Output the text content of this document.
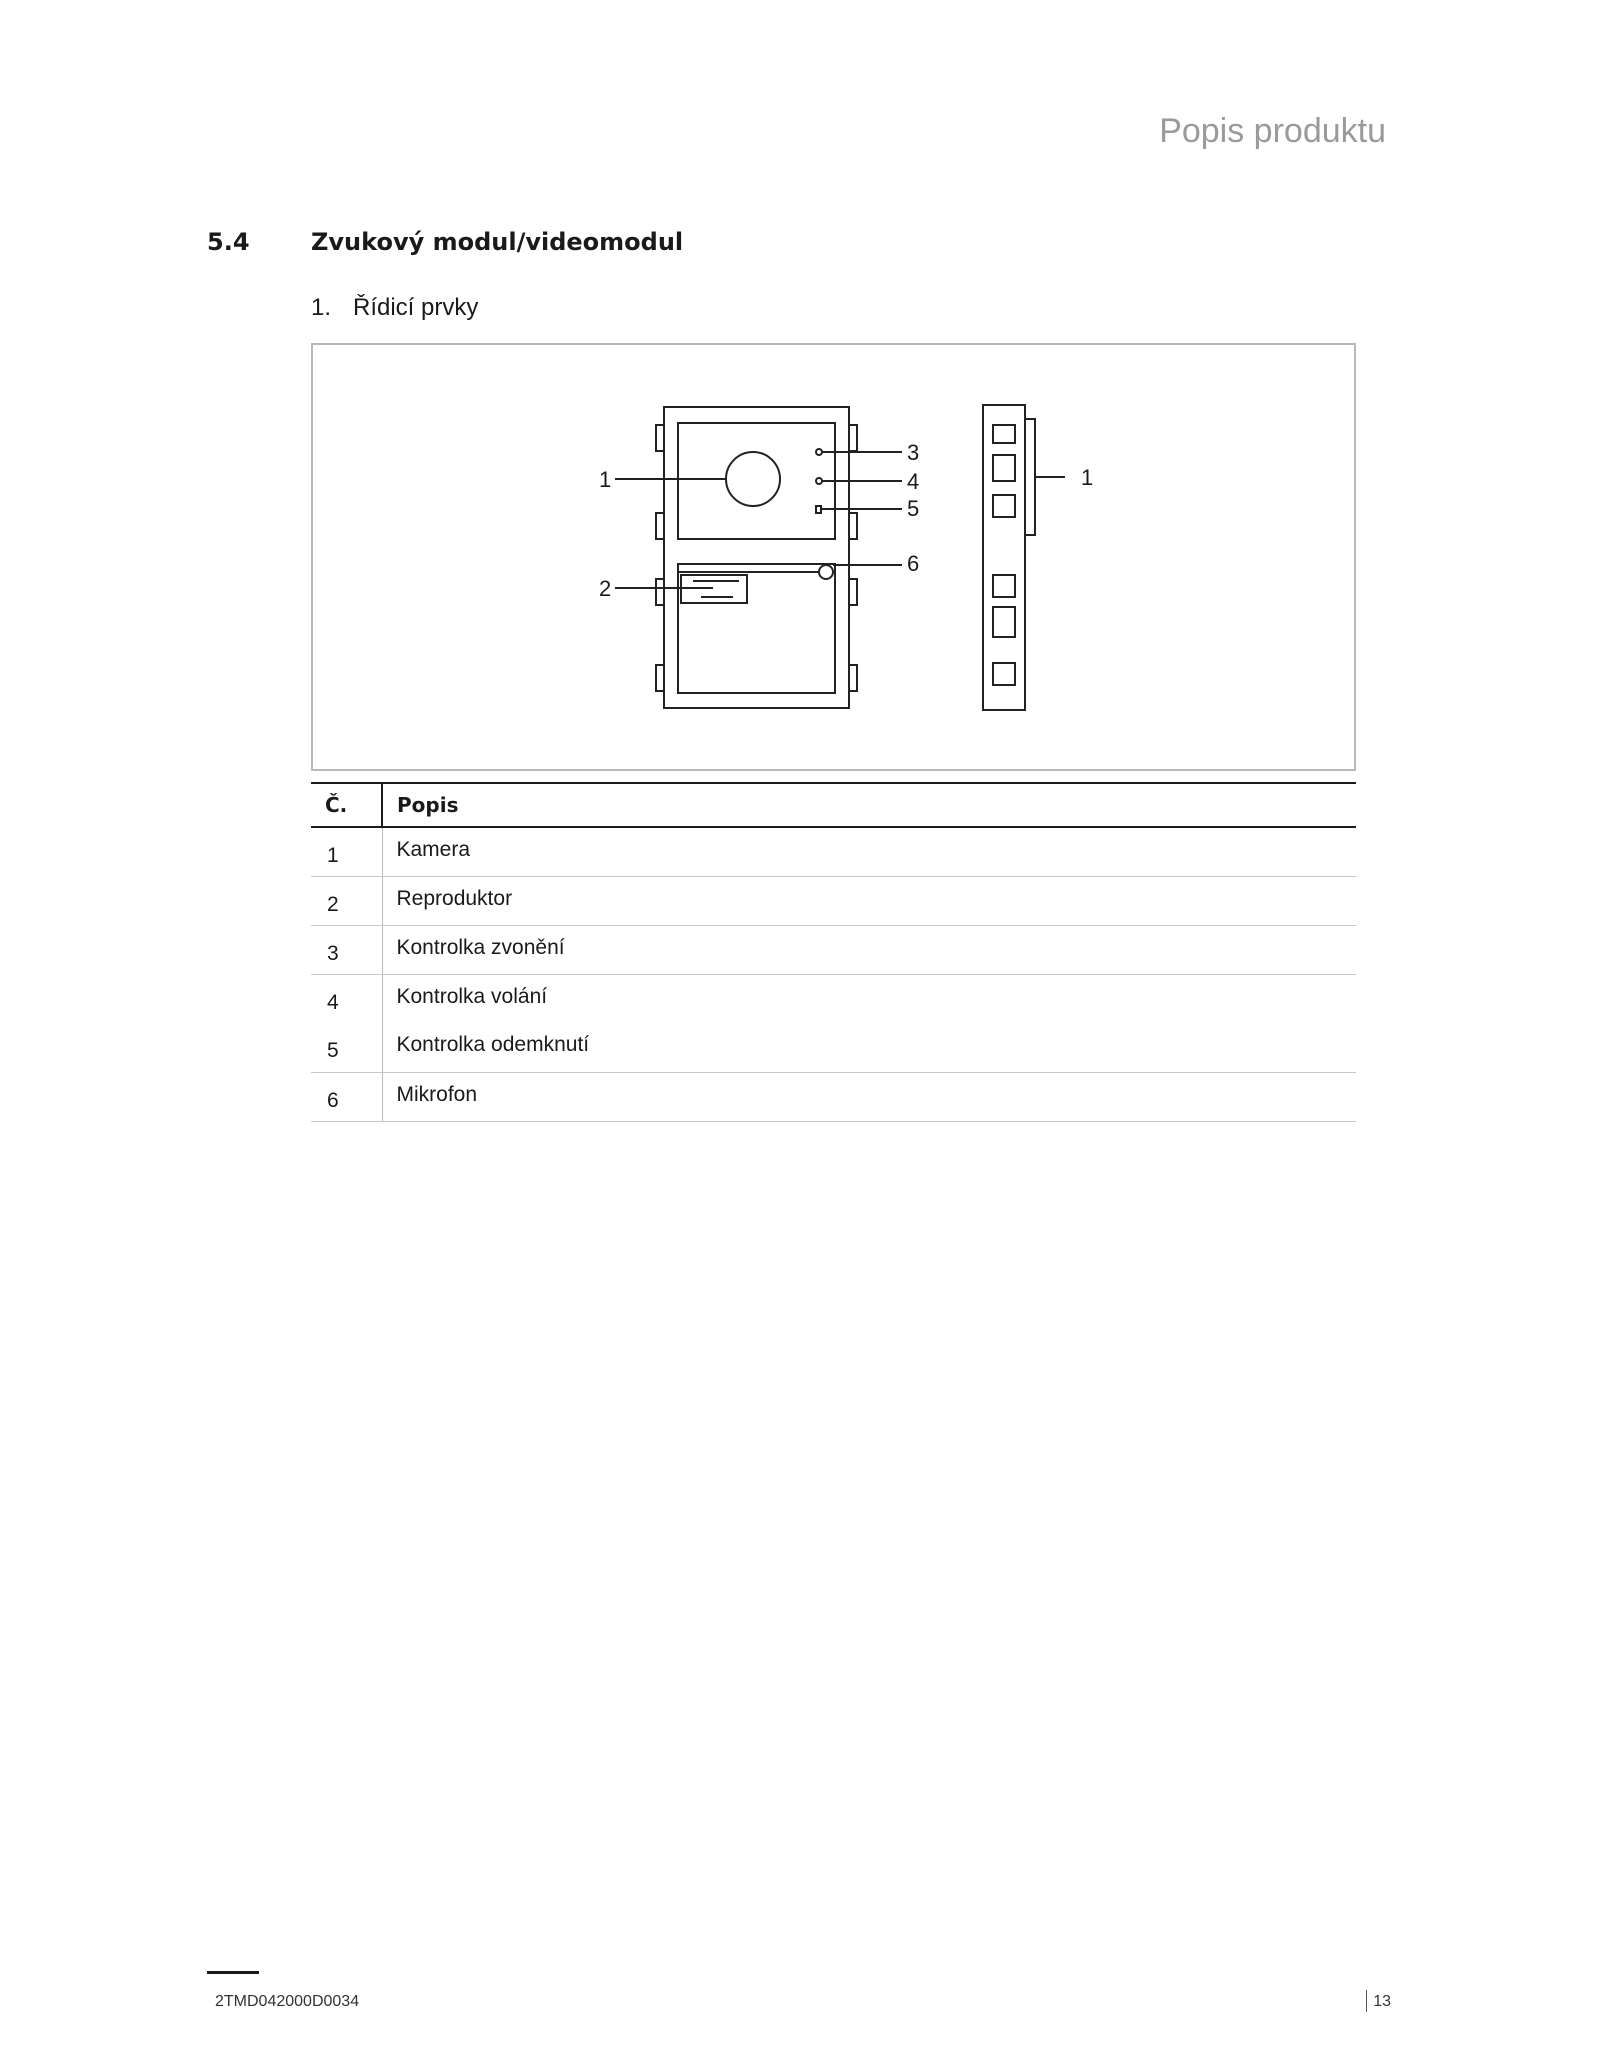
Popis produktu
5.4	Zvukový modul/videomodul
1. Řídicí prvky
1
2
3
4
5
6
1
Č.	Popis
1	Kamera
2	Reproduktor
3	Kontrolka zvonění
4	Kontrolka volání
5	Kontrolka odemknutí
6	Mikrofon
2TMD042000D0034	13
